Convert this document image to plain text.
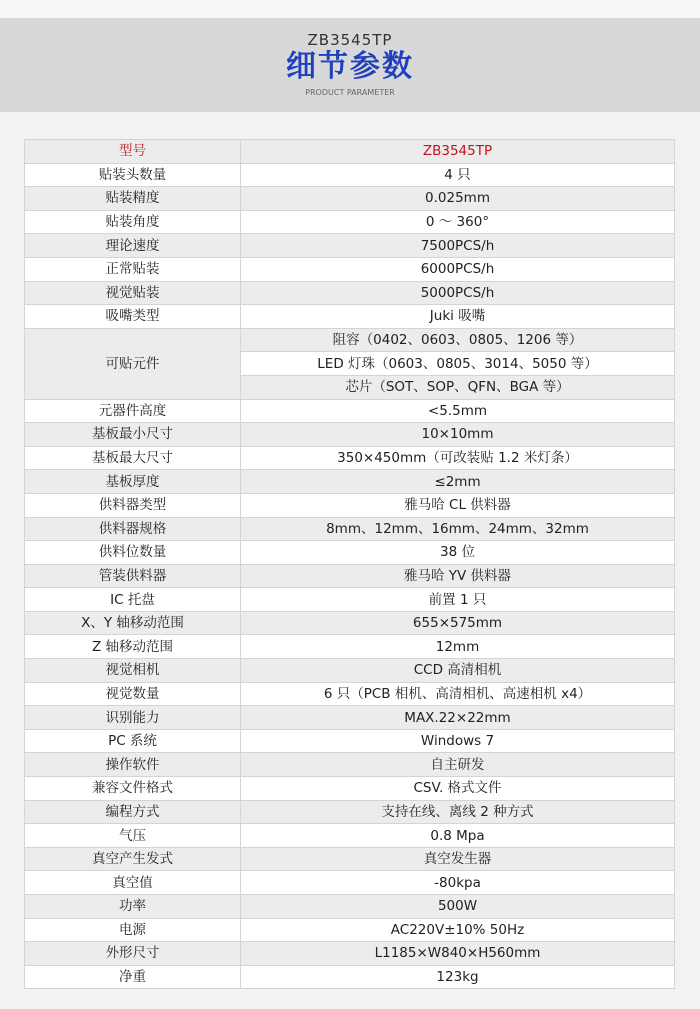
ZB3545TP
细节参数
PRODUCT PARAMETER
型号	ZB3545TP
贴装头数量	4 只
贴装精度	0.025mm
贴装角度	0 ～ 360°
理论速度	7500PCS/h
正常贴装	6000PCS/h
视觉贴装	5000PCS/h
吸嘴类型	Juki 吸嘴
可贴元件	阻容（0402、0603、0805、1206 等）
	LED 灯珠（0603、0805、3014、5050 等）
	芯片（SOT、SOP、QFN、BGA 等）
元器件高度	<5.5mm
基板最小尺寸	10×10mm
基板最大尺寸	350×450mm（可改装贴 1.2 米灯条）
基板厚度	≤2mm
供料器类型	雅马哈 CL 供料器
供料器规格	8mm、12mm、16mm、24mm、32mm
供料位数量	38 位
管装供料器	雅马哈 YV 供料器
IC 托盘	前置 1 只
X、Y 轴移动范围	655×575mm
Z 轴移动范围	12mm
视觉相机	CCD 高清相机
视觉数量	6 只（PCB 相机、高清相机、高速相机 x4）
识别能力	MAX.22×22mm
PC 系统	Windows 7
操作软件	自主研发
兼容文件格式	CSV. 格式文件
编程方式	支持在线、离线 2 种方式
气压	0.8 Mpa
真空产生发式	真空发生器
真空值	-80kpa
功率	500W
电源	AC220V±10% 50Hz
外形尺寸	L1185×W840×H560mm
净重	123kg
